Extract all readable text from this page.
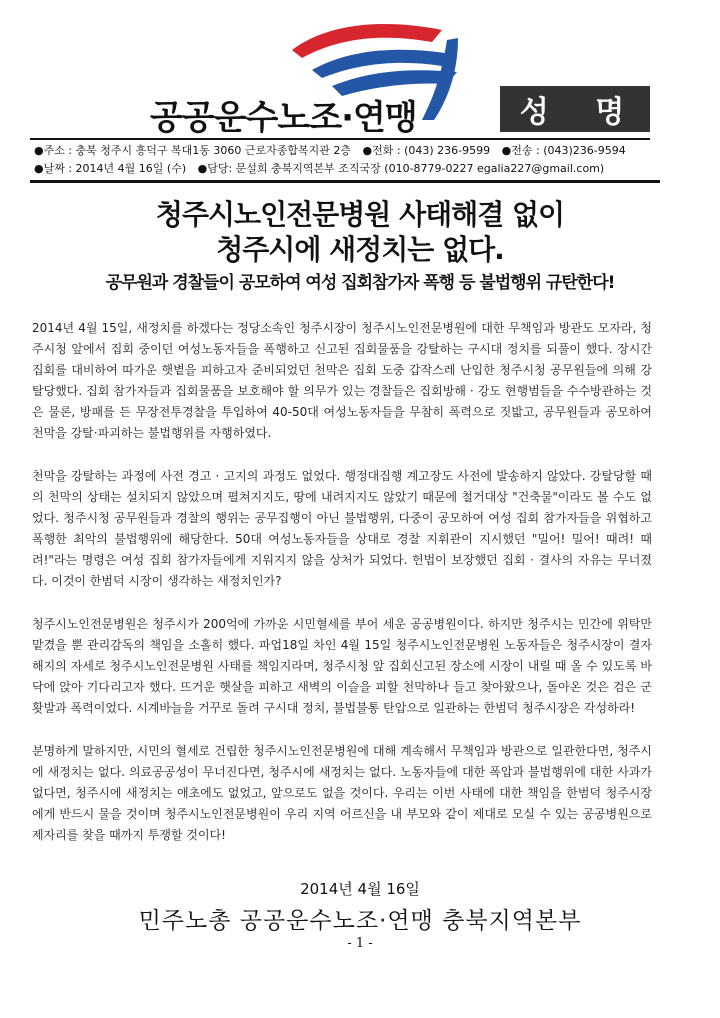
공공운수노조·연맹	성 명
●주소 : 충북 청주시 흥덕구 복대1동 3060 근로자종합복지관 2층 ●전화 : (043) 236-9599 ●전송 : (043)236-9594
●날짜 : 2014년 4월 16일 (수) ●담당: 문설희 충북지역본부 조직국장 (010-8779-0227 egalia227@gmail.com)
청주시노인전문병원 사태해결 없이
청주시에 새정치는 없다.
공무원과 경찰들이 공모하여 여성 집회참가자 폭행 등 불법행위 규탄한다!

2014년 4월 15일, 새정치를 하겠다는 정당소속인 청주시장이 청주시노인전문병원에 대한 무책임과 방관도 모자라, 청주시청 앞에서 집회 중이던 여성노동자들을 폭행하고 신고된 집회물품을 강탈하는 구시대 정치를 되풀이 했다. 장시간 집회를 대비하여 따가운 햇볕을 피하고자 준비되었던 천막은 집회 도중 갑작스레 난입한 청주시청 공무원들에 의해 강탈당했다. 집회 참가자들과 집회물품을 보호해야 할 의무가 있는 경찰들은 집회방해 · 강도 현행범들을 수수방관하는 것은 물론, 방패를 든 무장전투경찰을 투입하여 40-50대 여성노동자들을 무참히 폭력으로 짓밟고, 공무원들과 공모하여 천막을 강탈·파괴하는 불법행위를 자행하였다.

천막을 강탈하는 과정에 사전 경고 · 고지의 과정도 없었다. 행정대집행 계고장도 사전에 발송하지 않았다. 강탈당할 때의 천막의 상태는 설치되지 않았으며 펼쳐지지도, 땅에 내려지지도 않았기 때문에 철거대상 "건축물"이라도 볼 수도 없었다. 청주시청 공무원들과 경찰의 행위는 공무집행이 아닌 불법행위, 다중이 공모하여 여성 집회 참가자들을 위협하고 폭행한 최악의 불법행위에 해당한다. 50대 여성노동자들을 상대로 경찰 지휘관이 지시했던 "밀어! 밀어! 때려! 때려!"라는 명령은 여성 집회 참가자들에게 지워지지 않을 상처가 되었다. 헌법이 보장했던 집회 · 결사의 자유는 무너졌다. 이것이 한범덕 시장이 생각하는 새정치인가?

청주시노인전문병원은 청주시가 200억에 가까운 시민혈세를 부어 세운 공공병원이다. 하지만 청주시는 민간에 위탁만 맡겼을 뿐 관리감독의 책임을 소홀히 했다. 파업18일 차인 4월 15일 청주시노인전문병원 노동자들은 청주시장이 결자해지의 자세로 청주시노인전문병원 사태를 책임지라며, 청주시청 앞 집회신고된 장소에 시장이 내릴 때 올 수 있도록 바닥에 앉아 기다리고자 했다. 뜨거운 햇살을 피하고 새벽의 이슬을 피할 천막하나 들고 찾아왔으나, 돌아온 것은 검은 군홧발과 폭력이었다. 시계바늘을 거꾸로 돌려 구시대 정치, 불법불통 탄압으로 일관하는 한범덕 청주시장은 각성하라!

분명하게 말하지만, 시민의 혈세로 건립한 청주시노인전문병원에 대해 계속해서 무책임과 방관으로 일관한다면, 청주시에 새정치는 없다. 의료공공성이 무너진다면, 청주시에 새정치는 없다. 노동자들에 대한 폭압과 불법행위에 대한 사과가 없다면, 청주시에 새정치는 애초에도 없었고, 앞으로도 없을 것이다. 우리는 이번 사태에 대한 책임을 한범덕 청주시장에게 반드시 물을 것이며 청주시노인전문병원이 우리 지역 어르신을 내 부모와 같이 제대로 모실 수 있는 공공병원으로 제자리를 찾을 때까지 투쟁할 것이다!

2014년 4월 16일
민주노총 공공운수노조·연맹 충북지역본부
- 1 -
